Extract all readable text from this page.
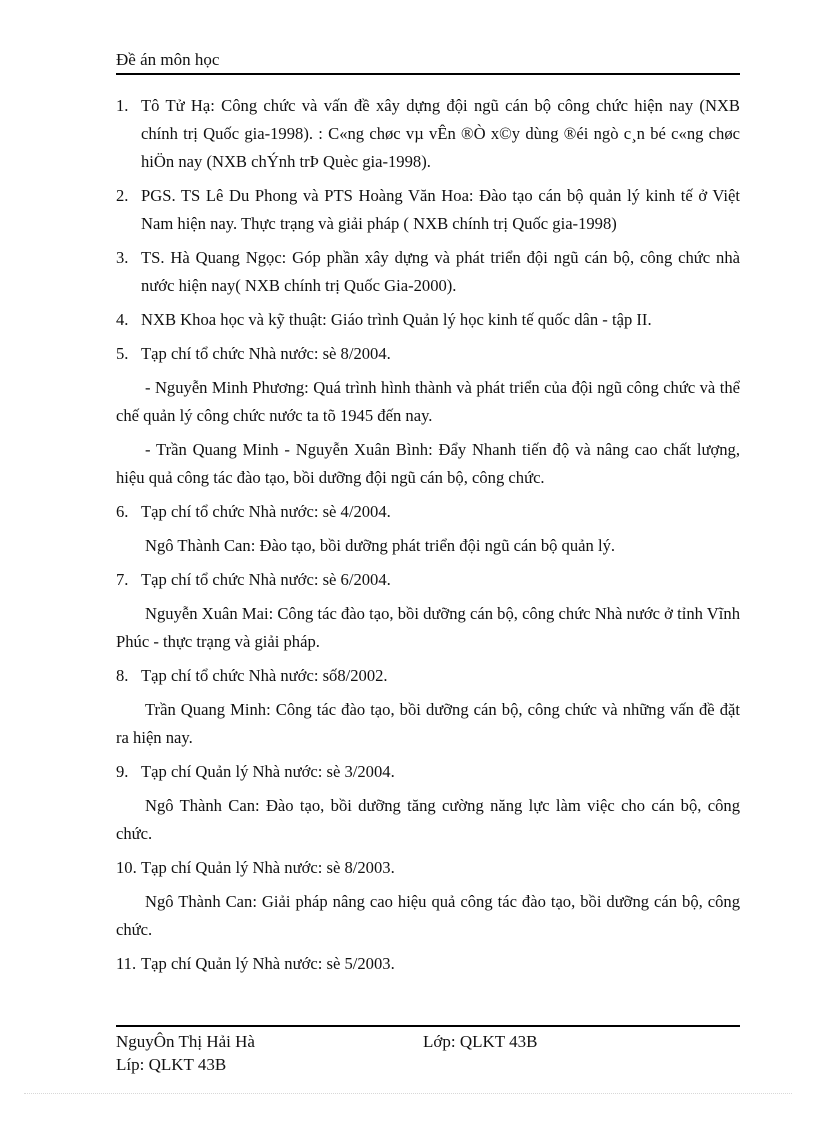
Đề án môn học
1. Tô Tử Hạ: Công chức và vấn đề xây dựng đội ngũ cán bộ công chức hiện nay (NXB chính trị Quốc gia-1998). : C«ng chøc vµ vÊn ®Ò x©y dùng ®éi ngò c¸n bé c«ng chøc hiÖn nay (NXB chÝnh trÞ Quèc gia-1998).
2. PGS. TS Lê Du Phong và PTS Hoàng Văn Hoa: Đào tạo cán bộ quản lý kinh tế ở Việt Nam hiện nay. Thực trạng và giải pháp ( NXB chính trị Quốc gia-1998)
3. TS. Hà Quang Ngọc: Góp phần xây dựng và phát triển đội ngũ cán bộ, công chức nhà nước hiện nay( NXB chính trị Quốc Gia-2000).
4. NXB Khoa học và kỹ thuật: Giáo trình Quản lý học kinh tế quốc dân - tập II.
5. Tạp chí tổ chức Nhà nước: sè 8/2004.
- Nguyễn Minh Phương: Quá trình hình thành và phát triển của đội ngũ công chức và thể chế quản lý công chức nước ta tõ 1945 đến nay.
- Trần Quang Minh - Nguyễn Xuân Bình: Đẩy Nhanh tiến độ và nâng cao chất lượng, hiệu quả công tác đào tạo, bồi dưỡng đội ngũ cán bộ, công chức.
6. Tạp chí tổ chức Nhà nước: sè 4/2004.
Ngô Thành Can: Đào tạo, bồi dưỡng phát triển đội ngũ cán bộ quản lý.
7. Tạp chí tổ chức Nhà nước: sè 6/2004.
Nguyễn Xuân Mai: Công tác đào tạo, bồi dưỡng cán bộ, công chức Nhà nước ở tỉnh Vĩnh Phúc - thực trạng và giải pháp.
8. Tạp chí tổ chức Nhà nước: số8/2002.
Trần Quang Minh: Công tác đào tạo, bồi dưỡng cán bộ, công chức và những vấn đề đặt ra hiện nay.
9. Tạp chí Quản lý Nhà nước: sè 3/2004.
Ngô Thành Can: Đào tạo, bồi dưỡng tăng cường năng lực làm việc cho cán bộ, công chức.
10. Tạp chí Quản lý Nhà nước: sè 8/2003.
Ngô Thành Can: Giải pháp nâng cao hiệu quả công tác đào tạo, bồi dưỡng cán bộ, công chức.
11. Tạp chí Quản lý Nhà nước: sè 5/2003.
NguyÔn Thị Hải Hà	Lớp: QLKT 43B
Líp: QLKT 43B
